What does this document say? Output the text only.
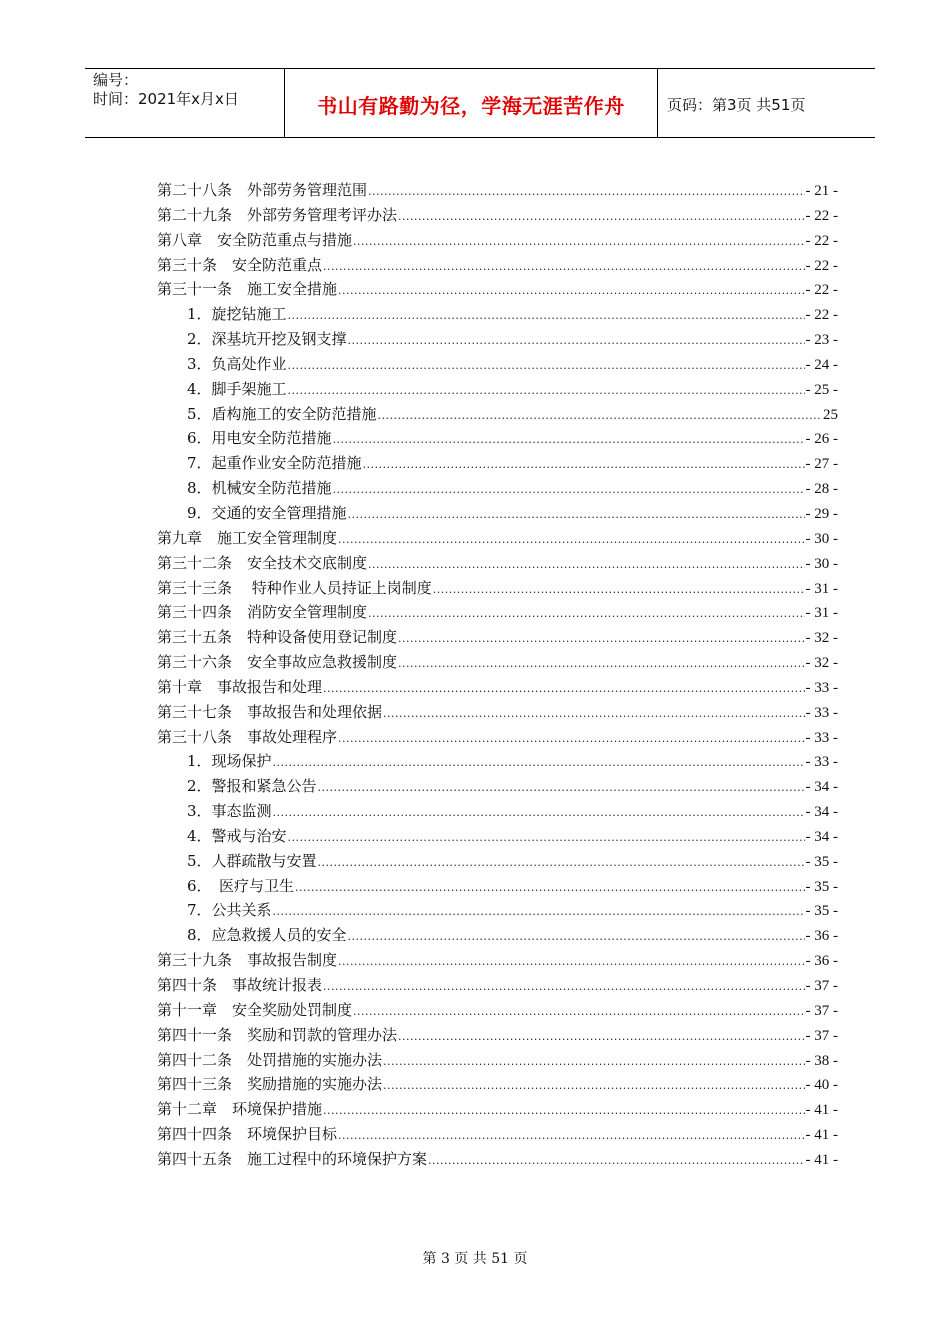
编号：
时间：2021年x月x日	书山有路勤为径，学海无涯苦作舟	页码：第3页 共51页
第二十八条　外部劳务管理范围 .....	- 21 -
第二十九条　外部劳务管理考评办法 .....	- 22 -
第八章　安全防范重点与措施 .....	- 22 -
第三十条　安全防范重点 .....	- 22 -
第三十一条　施工安全措施 .....	- 22 -
1．旋挖钻施工 .....	- 22 -
2．深基坑开挖及钢支撑 .....	- 23 -
3．负高处作业 .....	- 24 -
4．脚手架施工 .....	- 25 -
5．盾构施工的安全防范措施 .....	25
6．用电安全防范措施 .....	- 26 -
7．起重作业安全防范措施 .....	- 27 -
8．机械安全防范措施 .....	- 28 -
9．交通的安全管理措施 .....	- 29 -
第九章　施工安全管理制度 .....	- 30 -
第三十二条　安全技术交底制度 .....	- 30 -
第三十三条　 特种作业人员持证上岗制度 .....	- 31 -
第三十四条　消防安全管理制度 .....	- 31 -
第三十五条　特种设备使用登记制度 .....	- 32 -
第三十六条　安全事故应急救援制度 .....	- 32 -
第十章　事故报告和处理 .....	- 33 -
第三十七条　事故报告和处理依据 .....	- 33 -
第三十八条　事故处理程序 .....	- 33 -
1．现场保护 .....	- 33 -
2．警报和紧急公告 .....	- 34 -
3．事态监测 .....	- 34 -
4．警戒与治安 .....	- 34 -
5．人群疏散与安置 .....	- 35 -
6．　医疗与卫生 .....	- 35 -
7．公共关系 .....	- 35 -
8．应急救援人员的安全 .....	- 36 -
第三十九条　事故报告制度 .....	- 36 -
第四十条　事故统计报表 .....	- 37 -
第十一章　安全奖励处罚制度 .....	- 37 -
第四十一条　奖励和罚款的管理办法 .....	- 37 -
第四十二条　处罚措施的实施办法 .....	- 38 -
第四十三条　奖励措施的实施办法 .....	- 40 -
第十二章　环境保护措施 .....	- 41 -
第四十四条　环境保护目标 .....	- 41 -
第四十五条　施工过程中的环境保护方案 .....	- 41 -
第 3 页 共 51 页
